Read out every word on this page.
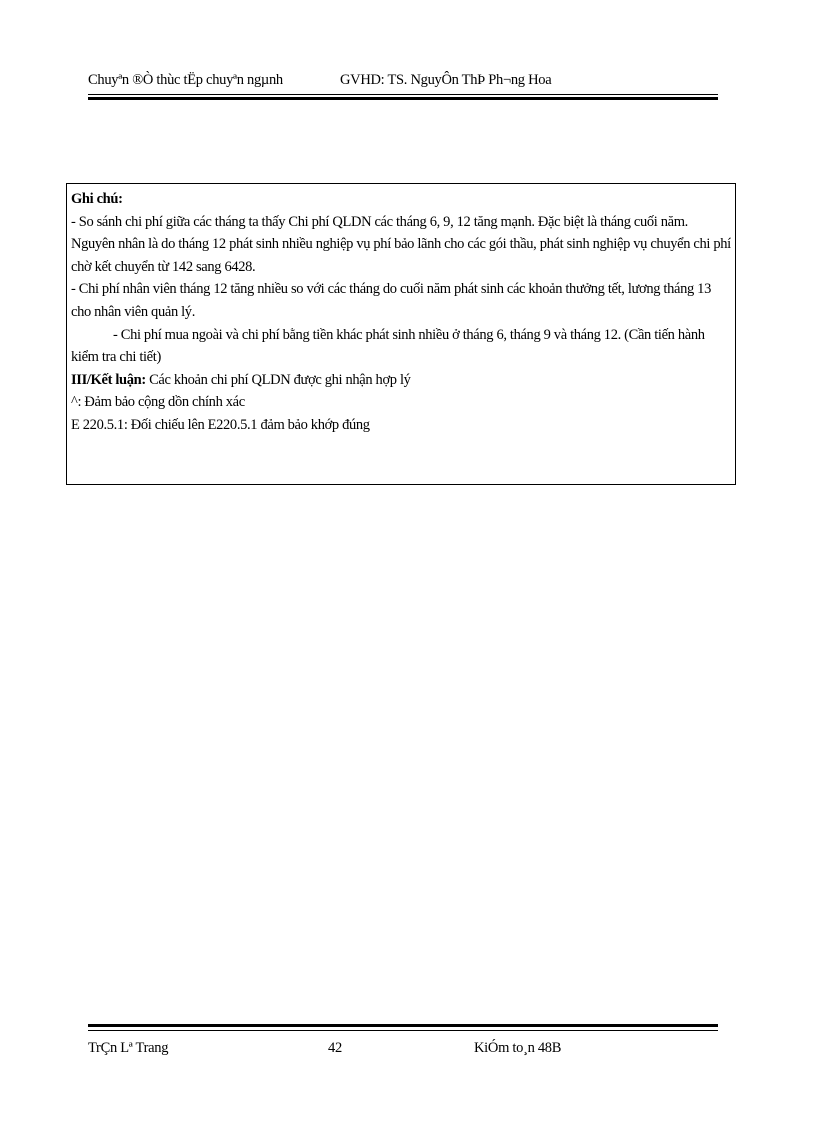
Chuyªn ®Ò thùc tËp chuyªn ngµnh	GVHD: TS. NguyÔn ThÞ Ph¬ng Hoa

Ghi chú:

- So sánh chi phí giữa các tháng ta thấy Chi phí QLDN các tháng 6, 9, 12 tăng mạnh. Đặc biệt là tháng cuối năm. Nguyên nhân là do tháng 12 phát sinh nhiều nghiệp vụ phí bảo lãnh cho các gói thầu, phát sinh nghiệp vụ chuyển chi phí chờ kết chuyển từ 142 sang 6428.

- Chi phí nhân viên tháng 12 tăng nhiều so với các tháng do cuối năm phát sinh các khoản thưởng tết, lương tháng 13 cho nhân viên quản lý.

- Chi phí mua ngoài và chi phí bằng tiền khác phát sinh nhiều ở tháng 6, tháng 9 và tháng 12. (Cần tiến hành kiểm tra chi tiết)

III/Kết luận: Các khoản chi phí QLDN được ghi nhận hợp lý

^: Đảm bảo cộng dồn chính xác

E 220.5.1: Đối chiếu lên E220.5.1 đảm bảo khớp đúng

TrÇn Lª Trang	42	KiÓm to¸n 48B
